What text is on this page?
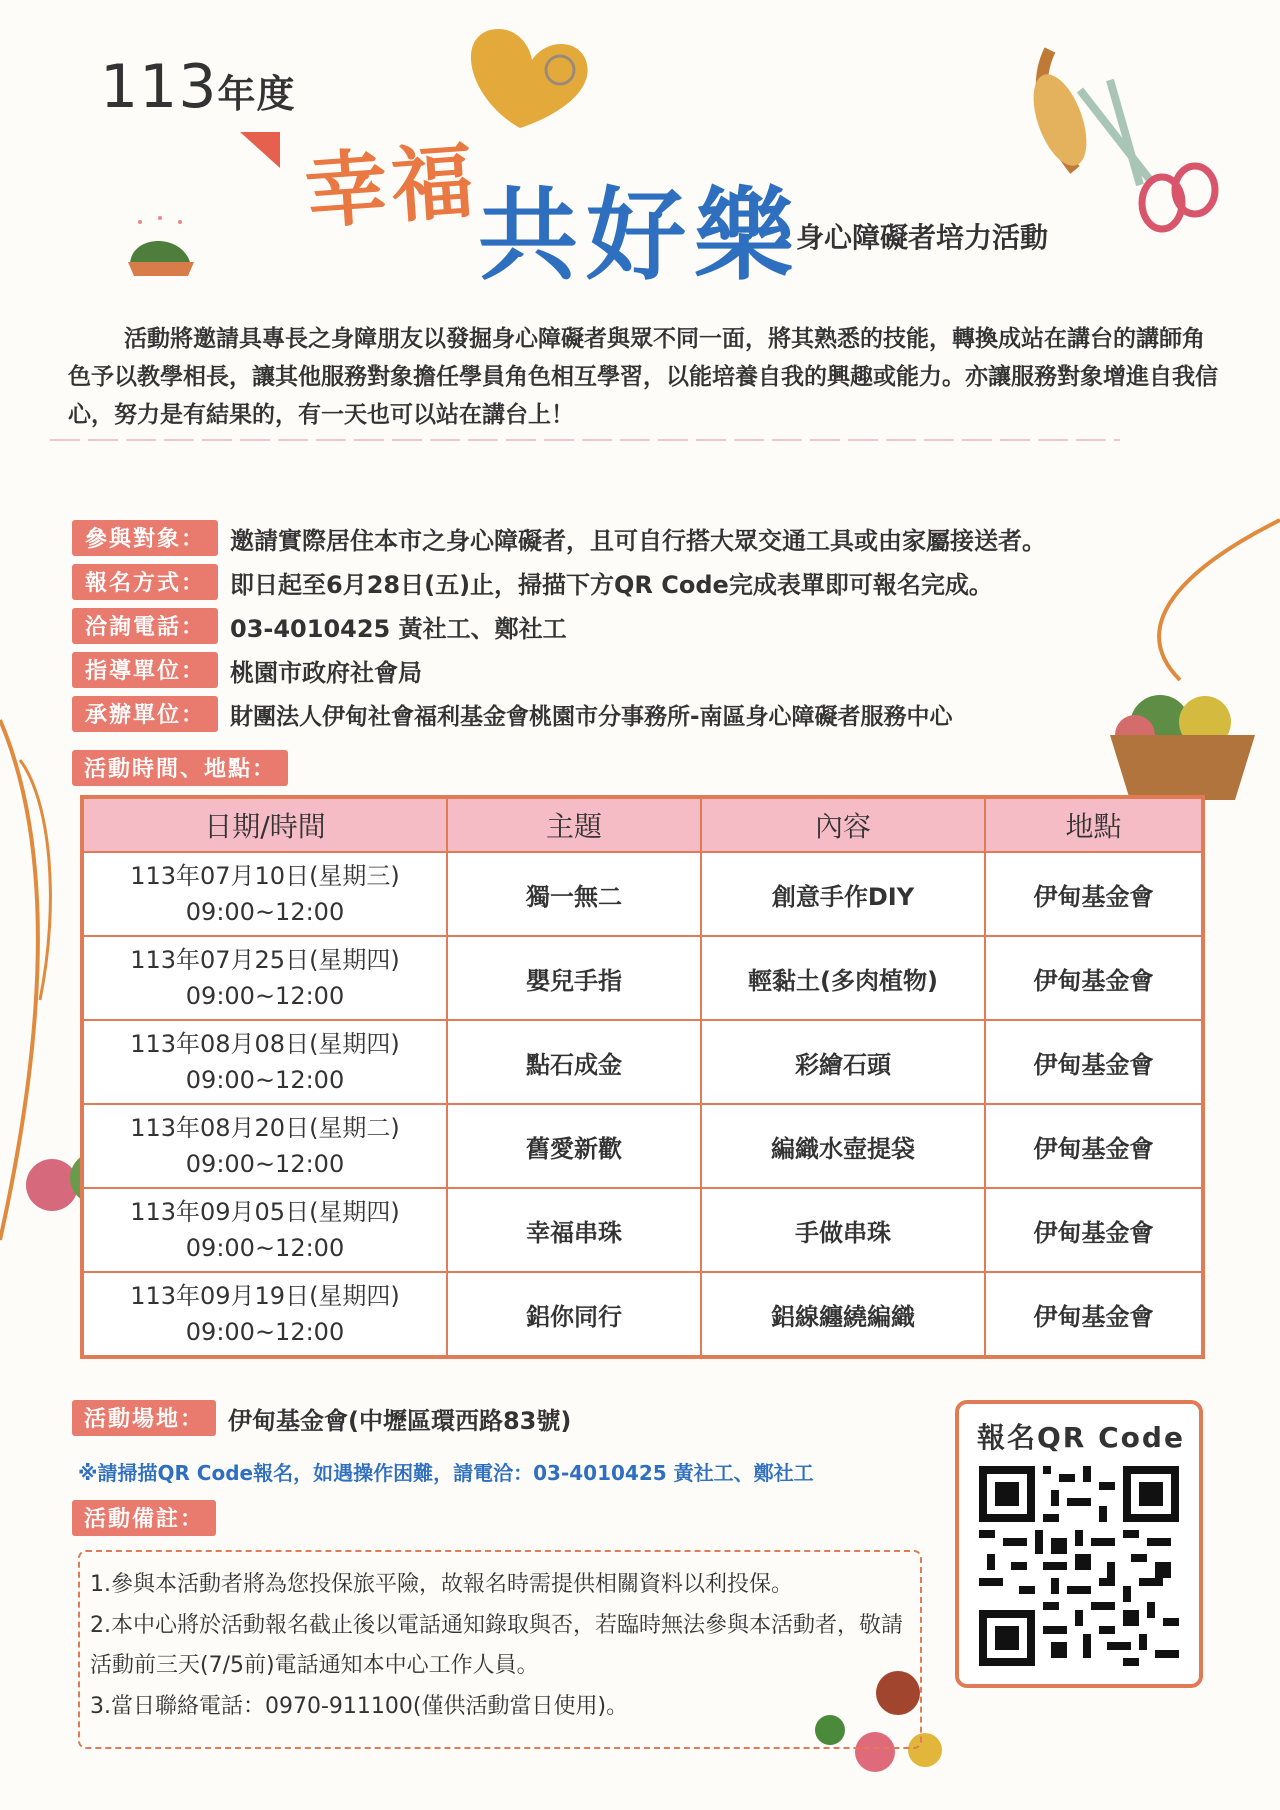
113年度
幸福
共好樂
身心障礙者培力活動

活動將邀請具專長之身障朋友以發掘身心障礙者與眾不同一面，將其熟悉的技能，轉換成站在講台的講師角色予以教學相長，讓其他服務對象擔任學員角色相互學習，以能培養自我的興趣或能力。亦讓服務對象增進自我信心，努力是有結果的，有一天也可以站在講台上！

參與對象：	邀請實際居住本市之身心障礙者，且可自行搭大眾交通工具或由家屬接送者。
報名方式：	即日起至6月28日(五)止，掃描下方QR Code完成表單即可報名完成。
洽詢電話：	03-4010425 黃社工、鄭社工
指導單位：	桃園市政府社會局
承辦單位：	財團法人伊甸社會福利基金會桃園市分事務所-南區身心障礙者服務中心
活動時間、地點：
日期/時間	主題	內容	地點

113年07月10日(星期三)
09:00~12:00	獨一無二	創意手作DIY	伊甸基金會

113年07月25日(星期四)
09:00~12:00	嬰兒手指	輕黏土(多肉植物)	伊甸基金會

113年08月08日(星期四)
09:00~12:00	點石成金	彩繪石頭	伊甸基金會

113年08月20日(星期二)
09:00~12:00	舊愛新歡	編織水壺提袋	伊甸基金會

113年09月05日(星期四)
09:00~12:00	幸福串珠	手做串珠	伊甸基金會

113年09月19日(星期四)
09:00~12:00	鋁你同行	鋁線纏繞編織	伊甸基金會
活動場地：	伊甸基金會(中壢區環西路83號)
※請掃描QR Code報名，如遇操作困難，請電洽：03-4010425 黃社工、鄭社工
活動備註：
1.參與本活動者將為您投保旅平險，故報名時需提供相關資料以利投保。
2.本中心將於活動報名截止後以電話通知錄取與否，若臨時無法參與本活動者，敬請活動前三天(7/5前)電話通知本中心工作人員。
3.當日聯絡電話：0970-911100(僅供活動當日使用)。
報名QR Code
